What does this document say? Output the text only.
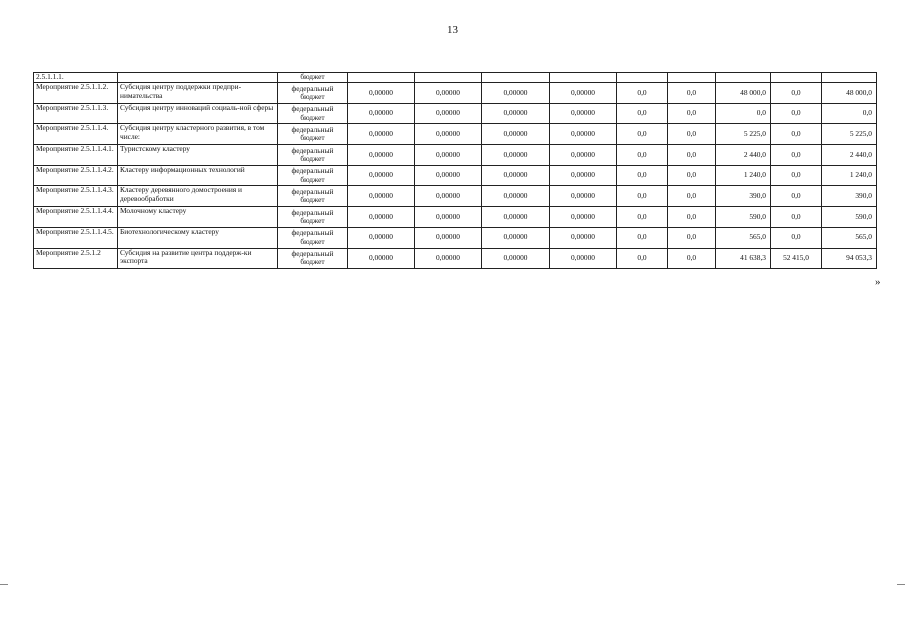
13
2.5.1.1.1.		бюджет									
Мероприятие 2.5.1.1.2.	Субсидия центру поддержки предпри-нимательства	федеральный бюджет	0,00000	0,00000	0,00000	0,00000	0,0	0,0	48 000,0	0,0	48 000,0
Мероприятие 2.5.1.1.3.	Субсидия центру инноваций социаль-ной сферы	федеральный бюджет	0,00000	0,00000	0,00000	0,00000	0,0	0,0	0,0	0,0	0,0
Мероприятие 2.5.1.1.4.	Субсидия центру кластерного развития, в том числе:	федеральный бюджет	0,00000	0,00000	0,00000	0,00000	0,0	0,0	5 225,0	0,0	5 225,0
Мероприятие 2.5.1.1.4.1.	Туристскому кластеру	федеральный бюджет	0,00000	0,00000	0,00000	0,00000	0,0	0,0	2 440,0	0,0	2 440,0
Мероприятие 2.5.1.1.4.2.	Кластеру информационных технологий	федеральный бюджет	0,00000	0,00000	0,00000	0,00000	0,0	0,0	1 240,0	0,0	1 240,0
Мероприятие 2.5.1.1.4.3.	Кластеру деревянного домостроения и деревообработки	федеральный бюджет	0,00000	0,00000	0,00000	0,00000	0,0	0,0	390,0	0,0	390,0
Мероприятие 2.5.1.1.4.4.	Молочному кластеру	федеральный бюджет	0,00000	0,00000	0,00000	0,00000	0,0	0,0	590,0	0,0	590,0
Мероприятие 2.5.1.1.4.5.	Биотехнологическому кластеру	федеральный бюджет	0,00000	0,00000	0,00000	0,00000	0,0	0,0	565,0	0,0	565,0
Мероприятие 2.5.1.2	Субсидия на развитие центра поддерж-ки экспорта	федеральный бюджет	0,00000	0,00000	0,00000	0,00000	0,0	0,0	41 638,3	52 415,0	94 053,3
»
